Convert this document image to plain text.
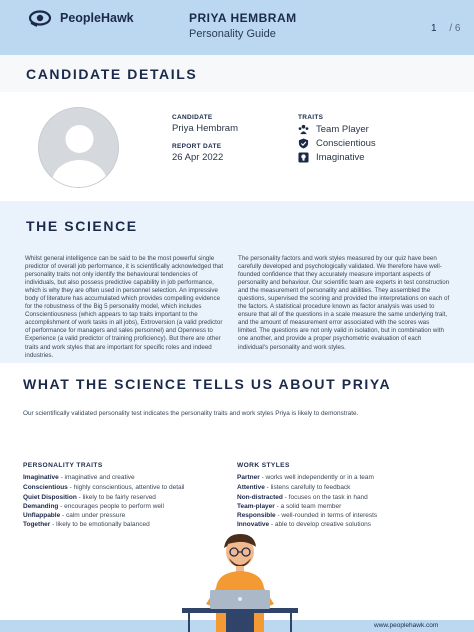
PeopleHawk	PRIYA HEMBRAM
Personality Guide	1 / 6
CANDIDATE DETAILS
CANDIDATE
Priya Hembram
REPORT DATE
26 Apr 2022
TRAITS
Team Player
Conscientious
Imaginative
THE SCIENCE
Whilst general intelligence can be said to be the most powerful single predictor of overall job performance, it is scientifically acknowledged that personality traits not only identify the behavioural tendencies of individuals, but also possess predictive capability in job performance, which is why they are often used in personnel selection. An impressive body of literature has accumulated which provides compelling evidence for the robustness of the Big 5 personality model, which includes Conscientiousness (which appears to tap traits important to the accomplishment of work tasks in all jobs), Extroversion (a valid predictor of performance for managers and sales personnel) and Openness to Experience (a valid predictor of training proficiency). But there are other traits and work styles that are important for specific roles and indeed industries.
The personality factors and work styles measured by our quiz have been carefully developed and psychologically validated. We therefore have well-founded confidence that they accurately measure important aspects of personality and behaviour. Our scientific team are experts in test construction and the measurement of personality and abilities. They assembled the questions, supervised the scoring and provided the interpretations on each of the factors. A statistical procedure known as factor analysis was used to ensure that all of the questions in a scale measure the same underlying trait, and the amount of measurement error associated with the scores was limited. The questions are not only valid in isolation, but in combination with one another, and provide a proper psychometric evaluation of each individual's personality and work styles.
WHAT THE SCIENCE TELLS US ABOUT PRIYA
Our scientifically validated personality test indicates the personality traits and work styles Priya is likely to demonstrate.
PERSONALITY TRAITS
Imaginative - imaginative and creative
Conscientious - highly conscientious, attentive to detail
Quiet Disposition - likely to be fairly reserved
Demanding - encourages people to perform well
Unflappable - calm under pressure
Together - likely to be emotionally balanced
WORK STYLES
Partner - works well independently or in a team
Attentive - listens carefully to feedback
Non-distracted - focuses on the task in hand
Team-player - a solid team member
Responsible - well-rounded in terms of interests
Innovative - able to develop creative solutions
www.peoplehawk.com
